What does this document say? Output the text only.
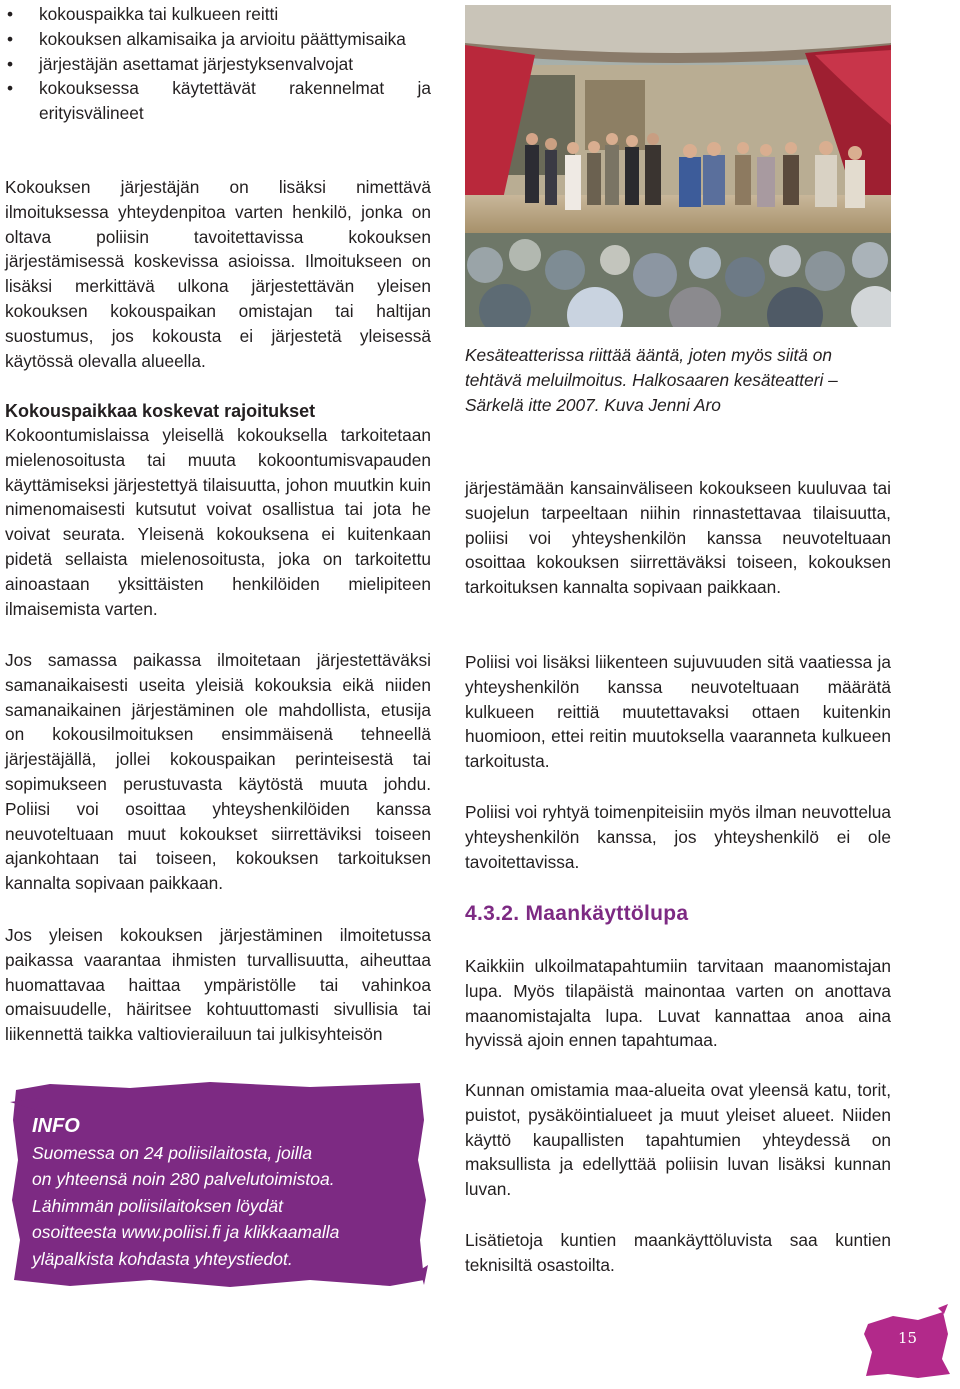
• kokouspaikka tai kulkueen reitti
• kokouksen alkamisaika ja arvioitu päättymisaika
• järjestäjän asettamat järjestyksenvalvojat
• kokouksessa käytettävät rakennelmat ja erityisvälineet

Kokouksen järjestäjän on lisäksi nimettävä ilmoituksessa yhteydenpitoa varten henkilö, jonka on oltava poliisin tavoitettavissa kokouksen järjestämisessä koskevissa asioissa. Ilmoitukseen on lisäksi merkittävä ulkona järjestettävän yleisen kokouksen kokouspaikan omistajan tai haltijan suostumus, jos kokousta ei järjestetä yleisessä käytössä olevalla alueella.

Kokouspaikkaa koskevat rajoitukset

Kokoontumislaissa yleisellä kokouksella tarkoitetaan mielenosoitusta tai muuta kokoontumisvapauden käyttämiseksi järjestettyä tilaisuutta, johon muutkin kuin nimenomaisesti kutsutut voivat osallistua tai jota he voivat seurata. Yleisenä kokouksena ei kuitenkaan pidetä sellaista mielenosoitusta, joka on tarkoitettu ainoastaan yksittäisten henkilöiden mielipiteen ilmaisemista varten.

Jos samassa paikassa ilmoitetaan järjestettäväksi samanaikaisesti useita yleisiä kokouksia eikä niiden samanaikainen järjestäminen ole mahdollista, etusija on kokousilmoituksen ensimmäisenä tehneellä järjestäjällä, jollei kokouspaikan perinteisestä tai sopimukseen perustuvasta käytöstä muuta johdu. Poliisi voi osoittaa yhteyshenkilöiden kanssa neuvoteltuaan muut kokoukset siirrettäviksi toiseen ajankohtaan tai toiseen, kokouksen tarkoituksen kannalta sopivaan paikkaan.

Jos yleisen kokouksen järjestäminen ilmoitetussa paikassa vaarantaa ihmisten turvallisuutta, aiheuttaa huomattavaa haittaa ympäristölle tai vahinkoa omaisuudelle, häiritsee kohtuuttomasti sivullisia tai liikennettä taikka valtiovierailuun tai julkisyhteisön

Kesäteatterissa riittää ääntä, joten myös siitä on tehtävä meluilmoitus. Halkosaaren kesäteatteri – Särkelä itte 2007. Kuva Jenni Aro

järjestämään kansainväliseen kokoukseen kuuluvaa tai suojelun tarpeeltaan niihin rinnastettavaa tilaisuutta, poliisi voi yhteyshenkilön kanssa neuvoteltuaan osoittaa kokouksen siirrettäväksi toiseen, kokouksen tarkoituksen kannalta sopivaan paikkaan.

Poliisi voi lisäksi liikenteen sujuvuuden sitä vaatiessa ja yhteyshenkilön kanssa neuvoteltuaan määrätä kulkueen reittiä muutettavaksi ottaen kuitenkin huomioon, ettei reitin muutoksella vaaranneta kulkueen tarkoitusta.

Poliisi voi ryhtyä toimenpiteisiin myös ilman neuvottelua yhteyshenkilön kanssa, jos yhteyshenkilö ei ole tavoitettavissa.

4.3.2. Maankäyttölupa

Kaikkiin ulkoilmatapahtumiin tarvitaan maanomistajan lupa. Myös tilapäistä mainontaa varten on anottava maanomistajalta lupa. Luvat kannattaa anoa aina hyvissä ajoin ennen tapahtumaa.

Kunnan omistamia maa-alueita ovat yleensä katu, torit, puistot, pysäköintialueet ja muut yleiset alueet. Niiden käyttö kaupallisten tapahtumien yhteydessä on maksullista ja edellyttää poliisin luvan lisäksi kunnan luvan.

Lisätietoja kuntien maankäyttöluvista saa kuntien teknisiltä osastoilta.

INFO
Suomessa on 24 poliisilaitosta, joilla
on yhteensä noin 280 palvelutoimistoa.
Lähimmän poliisilaitoksen löydät
osoitteesta www.poliisi.fi ja klikkaamalla
yläpalkista kohdasta yhteystiedot.
15
